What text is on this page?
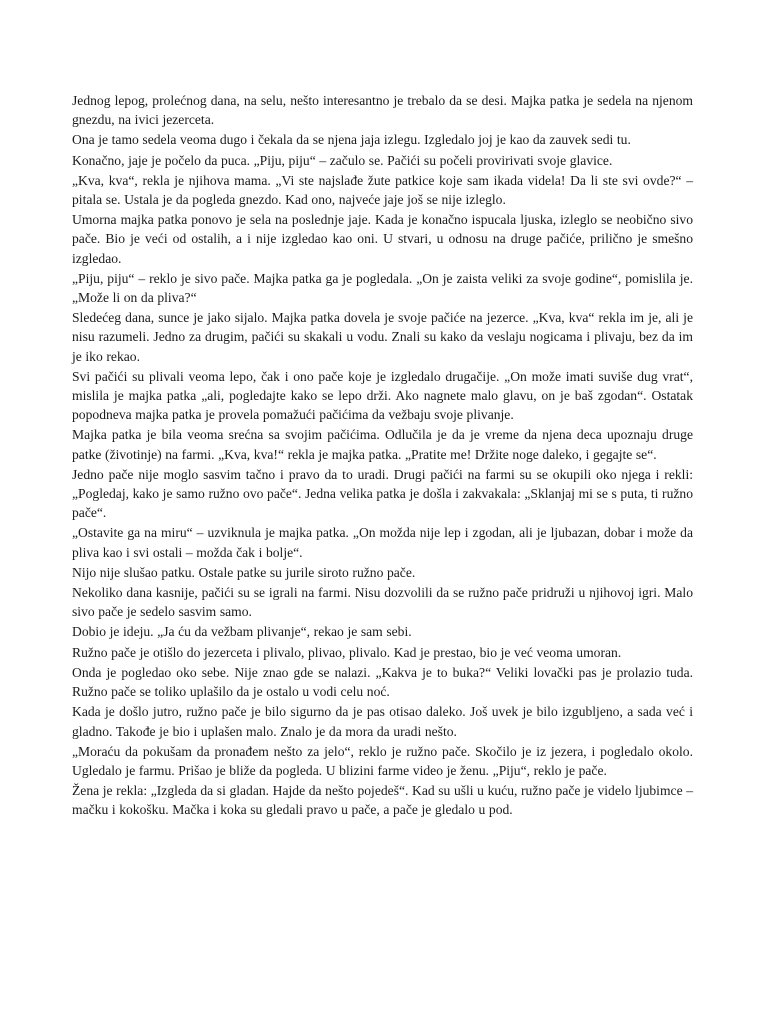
Jednog lepog, prolećnog dana, na selu, nešto interesantno je trebalo da se desi. Majka patka je sedela na njenom gnezdu, na ivici jezerceta.

Ona je tamo sedela veoma dugo i čekala da se njena jaja izlegu. Izgledalo joj je kao da zauvek sedi tu.

Konačno, jaje je počelo da puca. „Piju, piju“ – začulo se. Pačići su počeli provirivati svoje glavice.

„Kva, kva“, rekla je njihova mama. „Vi ste najslađe žute patkice koje sam ikada videla! Da li ste svi ovde?“ – pitala se. Ustala je da pogleda gnezdo. Kad ono, najveće jaje još se nije izleglo.

Umorna majka patka ponovo je sela na poslednje jaje. Kada je konačno ispucala ljuska, izleglo se neobično sivo pače. Bio je veći od ostalih, a i nije izgledao kao oni. U stvari, u odnosu na druge pačiće, prilično je smešno izgledao.

„Piju, piju“ – reklo je sivo pače. Majka patka ga je pogledala. „On je zaista veliki za svoje godine“, pomislila je. „Može li on da pliva?“

Sledećeg dana, sunce je jako sijalo. Majka patka dovela je svoje pačiće na jezerce. „Kva, kva“ rekla im je, ali je nisu razumeli. Jedno za drugim, pačići su skakali u vodu. Znali su kako da veslaju nogicama i plivaju, bez da im je iko rekao.

Svi pačići su plivali veoma lepo, čak i ono pače koje je izgledalo drugačije. „On može imati suviše dug vrat“, mislila je majka patka „ali, pogledajte kako se lepo drži. Ako nagnete malo glavu, on je baš zgodan“. Ostatak popodneva majka patka je provela pomažući pačićima da vežbaju svoje plivanje.

Majka patka je bila veoma srećna sa svojim pačićima. Odlučila je da je vreme da njena deca upoznaju druge patke (životinje) na farmi. „Kva, kva!“ rekla je majka patka. „Pratite me! Držite noge daleko, i gegajte se“.

Jedno pače nije moglo sasvim tačno i pravo da to uradi. Drugi pačići na farmi su se okupili oko njega i rekli: „Pogledaj, kako je samo ružno ovo pače“. Jedna velika patka je došla i zakvakala: „Sklanjaj mi se s puta, ti ružno pače“.

„Ostavite ga na miru“ – uzviknula je majka patka. „On možda nije lep i zgodan, ali je ljubazan, dobar i može da pliva kao i svi ostali – možda čak i bolje“.

Nijo nije slušao patku. Ostale patke su jurile siroto ružno pače.

Nekoliko dana kasnije, pačići su se igrali na farmi. Nisu dozvolili da se ružno pače pridruži u njihovoj igri. Malo sivo pače je sedelo sasvim samo.

Dobio je ideju. „Ja ću da vežbam plivanje“, rekao je sam sebi.

Ružno pače je otišlo do jezerceta i plivalo, plivao, plivalo. Kad je prestao, bio je već veoma umoran.

Onda je pogledao oko sebe. Nije znao gde se nalazi. „Kakva je to buka?“ Veliki lovački pas je prolazio tuda. Ružno pače se toliko uplašilo da je ostalo u vodi celu noć.

Kada je došlo jutro, ružno pače je bilo sigurno da je pas otisao daleko. Još uvek je bilo izgubljeno, a sada već i gladno. Takođe je bio i uplašen malo. Znalo je da mora da uradi nešto.

„Moraću da pokušam da pronađem nešto za jelo“, reklo je ružno pače. Skočilo je iz jezera, i pogledalo okolo. Ugledalo je farmu. Prišao je bliže da pogleda. U blizini farme video je ženu. „Piju“, reklo je pače.

Žena je rekla: „Izgleda da si gladan. Hajde da nešto pojedeš“. Kad su ušli u kuću, ružno pače je videlo ljubimce – mačku i kokošku. Mačka i koka su gledali pravo u pače, a pače je gledalo u pod.
